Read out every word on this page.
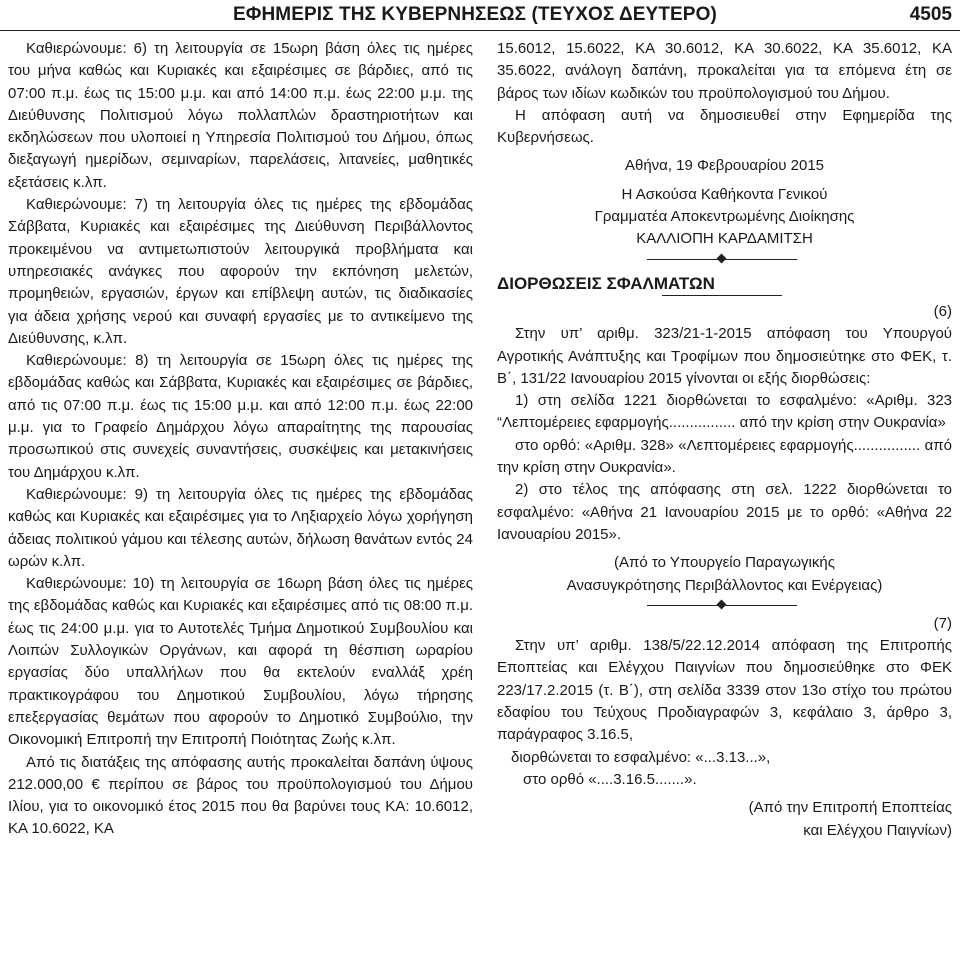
ΕΦΗΜΕΡΙΣ ΤΗΣ ΚΥΒΕΡΝΗΣΕΩΣ (ΤΕΥΧΟΣ ΔΕΥΤΕΡΟ)	4505

Καθιερώνουμε: 6) τη λειτουργία σε 15ωρη βάση όλες τις ημέρες του μήνα καθώς και Κυριακές και εξαιρέσιμες σε βάρδιες, από τις 07:00 π.μ. έως τις 15:00 μ.μ. και από 14:00 π.μ. έως 22:00 μ.μ. της Διεύθυνσης Πολιτισμού λόγω πολλαπλών δραστηριοτήτων και εκδηλώσεων που υλοποιεί η Υπηρεσία Πολιτισμού του Δήμου, όπως διεξαγωγή ημερίδων, σεμιναρίων, παρελάσεις, λιτανείες, μαθητικές εξετάσεις κ.λπ.

Καθιερώνουμε: 7) τη λειτουργία όλες τις ημέρες της εβδομάδας Σάββατα, Κυριακές και εξαιρέσιμες της Διεύθυνση Περιβάλλοντος προκειμένου να αντιμετωπιστούν λειτουργικά προβλήματα και υπηρεσιακές ανάγκες που αφορούν την εκπόνηση μελετών, προμηθειών, εργασιών, έργων και επίβλεψη αυτών, τις διαδικασίες για άδεια χρήσης νερού και συναφή εργασίες με το αντικείμενο της Διεύθυνσης, κ.λπ.

Καθιερώνουμε: 8) τη λειτουργία σε 15ωρη όλες τις ημέρες της εβδομάδας καθώς και Σάββατα, Κυριακές και εξαιρέσιμες σε βάρδιες, από τις 07:00 π.μ. έως τις 15:00 μ.μ. και από 12:00 π.μ. έως 22:00 μ.μ. για το Γραφείο Δημάρχου λόγω απαραίτητης της παρουσίας προσωπικού στις συνεχείς συναντήσεις, συσκέψεις και μετακινήσεις του Δημάρχου κ.λπ.

Καθιερώνουμε: 9) τη λειτουργία όλες τις ημέρες της εβδομάδας καθώς και Κυριακές και εξαιρέσιμες για το Ληξιαρχείο λόγω χορήγηση άδειας πολιτικού γάμου και τέλεσης αυτών, δήλωση θανάτων εντός 24 ωρών κ.λπ.

Καθιερώνουμε: 10) τη λειτουργία σε 16ωρη βάση όλες τις ημέρες της εβδομάδας καθώς και Κυριακές και εξαιρέσιμες από τις 08:00 π.μ. έως τις 24:00 μ.μ. για το Αυτοτελές Τμήμα Δημοτικού Συμβουλίου και Λοιπών Συλλογικών Οργάνων, και αφορά τη θέσπιση ωραρίου εργασίας δύο υπαλλήλων που θα εκτελούν εναλλάξ χρέη πρακτικογράφου του Δημοτικού Συμβουλίου, λόγω τήρησης επεξεργασίας θεμάτων που αφορούν το Δημοτικό Συμβούλιο, την Οικονομική Επιτροπή την Επιτροπή Ποιότητας Ζωής κ.λπ.

Από τις διατάξεις της απόφασης αυτής προκαλείται δαπάνη ύψους 212.000,00 € περίπου σε βάρος του προϋπολογισμού του Δήμου Ιλίου, για το οικονομικό έτος 2015 που θα βαρύνει τους ΚΑ: 10.6012, ΚΑ 10.6022, ΚΑ

15.6012, 15.6022, ΚΑ 30.6012, ΚΑ 30.6022, ΚΑ 35.6012, ΚΑ 35.6022, ανάλογη δαπάνη, προκαλείται για τα επόμενα έτη σε βάρος των ιδίων κωδικών του προϋπολογισμού του Δήμου.

Η απόφαση αυτή να δημοσιευθεί στην Εφημερίδα της Κυβερνήσεως.

Αθήνα, 19 Φεβρουαρίου 2015

Η Ασκούσα Καθήκοντα Γενικού

Γραμματέα Αποκεντρωμένης Διοίκησης

ΚΑΛΛΙΟΠΗ ΚΑΡΔΑΜΙΤΣΗ

ΔΙΟΡΘΩΣΕΙΣ ΣΦΑΛΜΑΤΩΝ

(6)

Στην υπ’ αριθμ. 323/21-1-2015 απόφαση του Υπουργού Αγροτικής Ανάπτυξης και Τροφίμων που δημοσιεύτηκε στο ΦΕΚ, τ. Β΄, 131/22 Ιανουαρίου 2015 γίνονται οι εξής διορθώσεις:

1) στη σελίδα 1221 διορθώνεται το εσφαλμένο: «Αριθμ. 323 “Λεπτομέρειες εφαρμογής................ από την κρίση στην Ουκρανία»

στο ορθό: «Αριθμ. 328» «Λεπτομέρειες εφαρμογής................ από την κρίση στην Ουκρανία».

2) στο τέλος της απόφασης στη σελ. 1222 διορθώνεται το εσφαλμένο: «Αθήνα 21 Ιανουαρίου 2015 με το ορθό: «Αθήνα 22 Ιανουαρίου 2015».

(Από το Υπουργείο Παραγωγικής

Ανασυγκρότησης Περιβάλλοντος και Ενέργειας)

(7)

Στην υπ’ αριθμ. 138/5/22.12.2014 απόφαση της Επιτροπής Εποπτείας και Ελέγχου Παιγνίων που δημοσιεύθηκε στο ΦΕΚ 223/17.2.2015 (τ. Β΄), στη σελίδα 3339 στον 13ο στίχο του πρώτου εδαφίου του Τεύχους Προδιαγραφών 3, κεφάλαιο 3, άρθρο 3, παράγραφος 3.16.5,

διορθώνεται το εσφαλμένο: «...3.13...»,

στο ορθό «....3.16.5.......».

(Από την Επιτροπή Εποπτείας

και Ελέγχου Παιγνίων)
